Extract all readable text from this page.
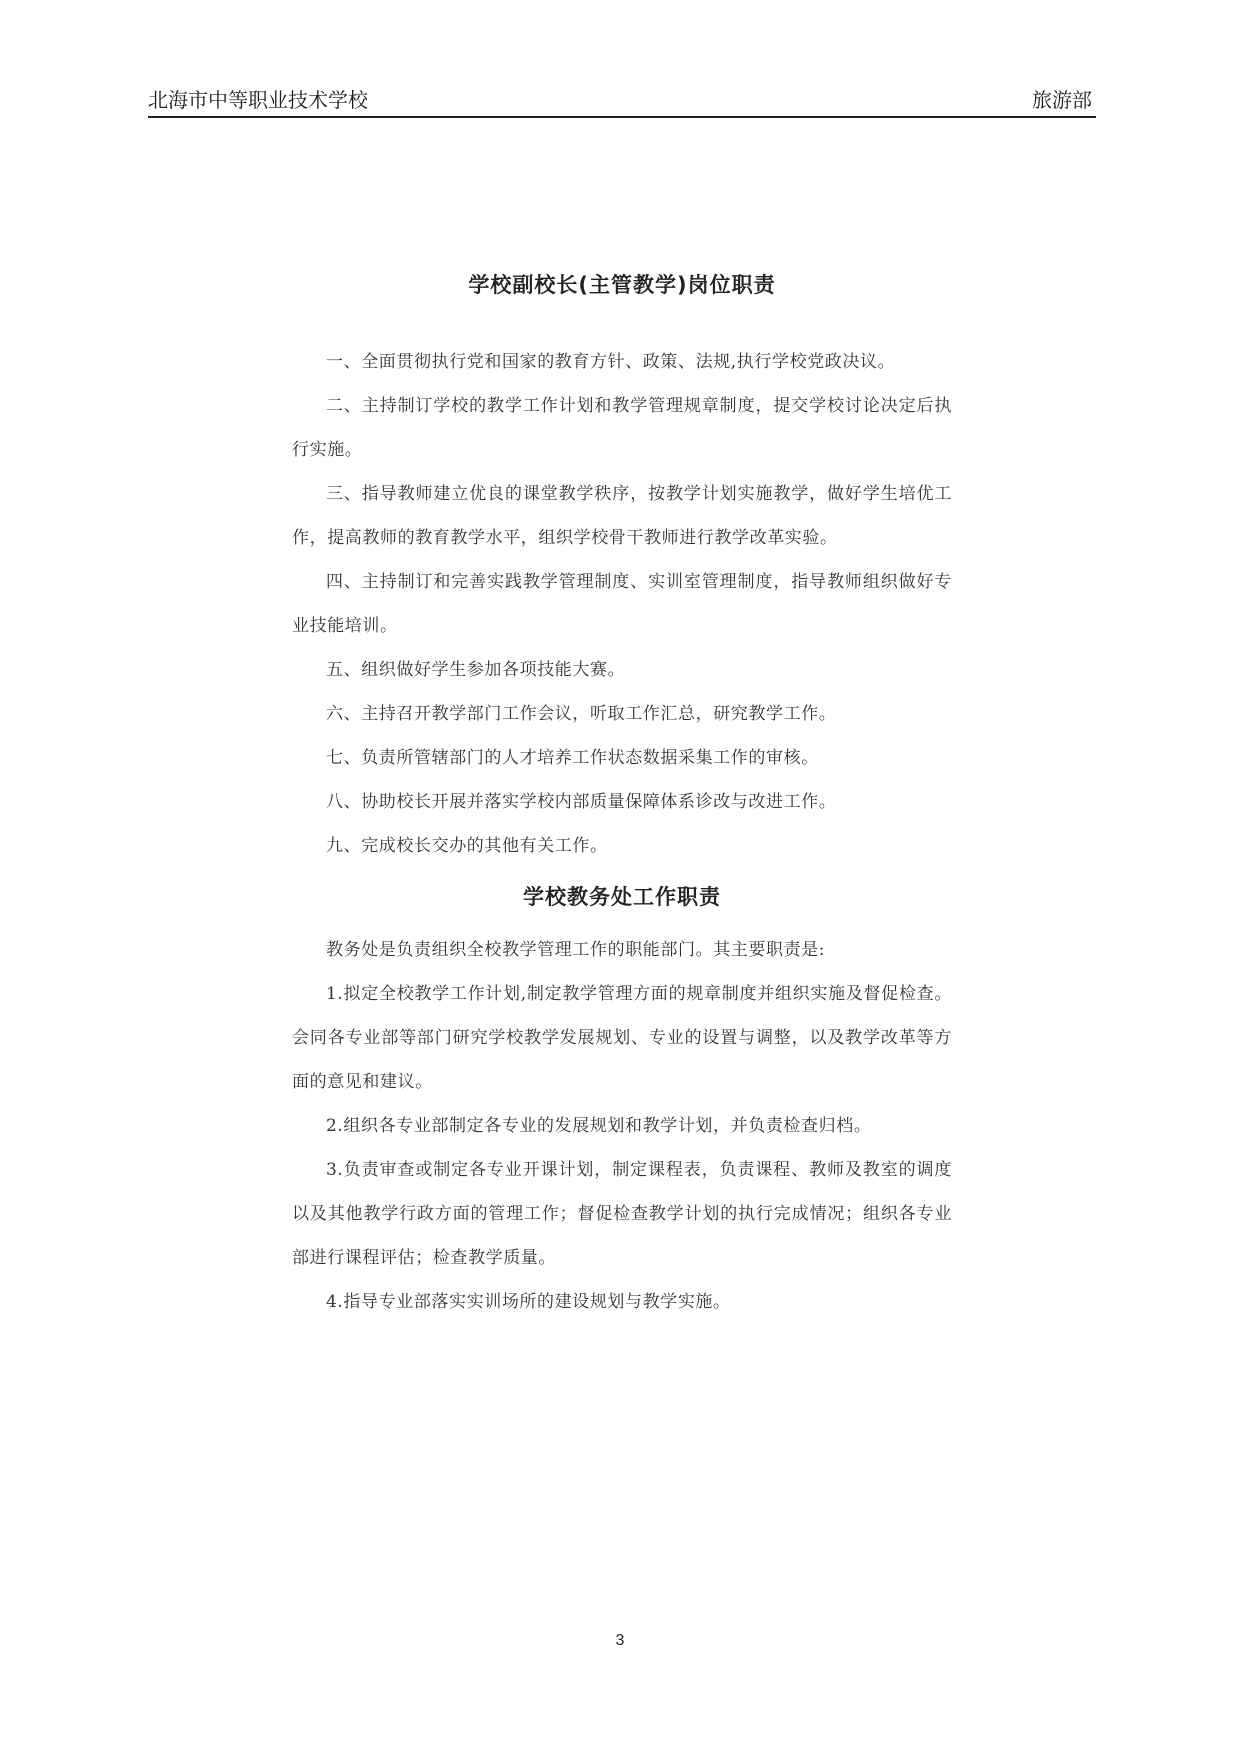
北海市中等职业技术学校	旅游部
学校副校长(主管教学)岗位职责

一、全面贯彻执行党和国家的教育方针、政策、法规,执行学校党政决议。

二、主持制订学校的教学工作计划和教学管理规章制度，提交学校讨论决定后执行实施。

三、指导教师建立优良的课堂教学秩序，按教学计划实施教学，做好学生培优工作，提高教师的教育教学水平，组织学校骨干教师进行教学改革实验。

四、主持制订和完善实践教学管理制度、实训室管理制度，指导教师组织做好专业技能培训。

五、组织做好学生参加各项技能大赛。

六、主持召开教学部门工作会议，听取工作汇总，研究教学工作。

七、负责所管辖部门的人才培养工作状态数据采集工作的审核。

八、协助校长开展并落实学校内部质量保障体系诊改与改进工作。

九、完成校长交办的其他有关工作。

学校教务处工作职责

教务处是负责组织全校教学管理工作的职能部门。其主要职责是:

1.拟定全校教学工作计划,制定教学管理方面的规章制度并组织实施及督促检查。会同各专业部等部门研究学校教学发展规划、专业的设置与调整，以及教学改革等方面的意见和建议。

2.组织各专业部制定各专业的发展规划和教学计划，并负责检查归档。

3.负责审查或制定各专业开课计划，制定课程表，负责课程、教师及教室的调度以及其他教学行政方面的管理工作；督促检查教学计划的执行完成情况；组织各专业部进行课程评估；检查教学质量。

4.指导专业部落实实训场所的建设规划与教学实施。

3
